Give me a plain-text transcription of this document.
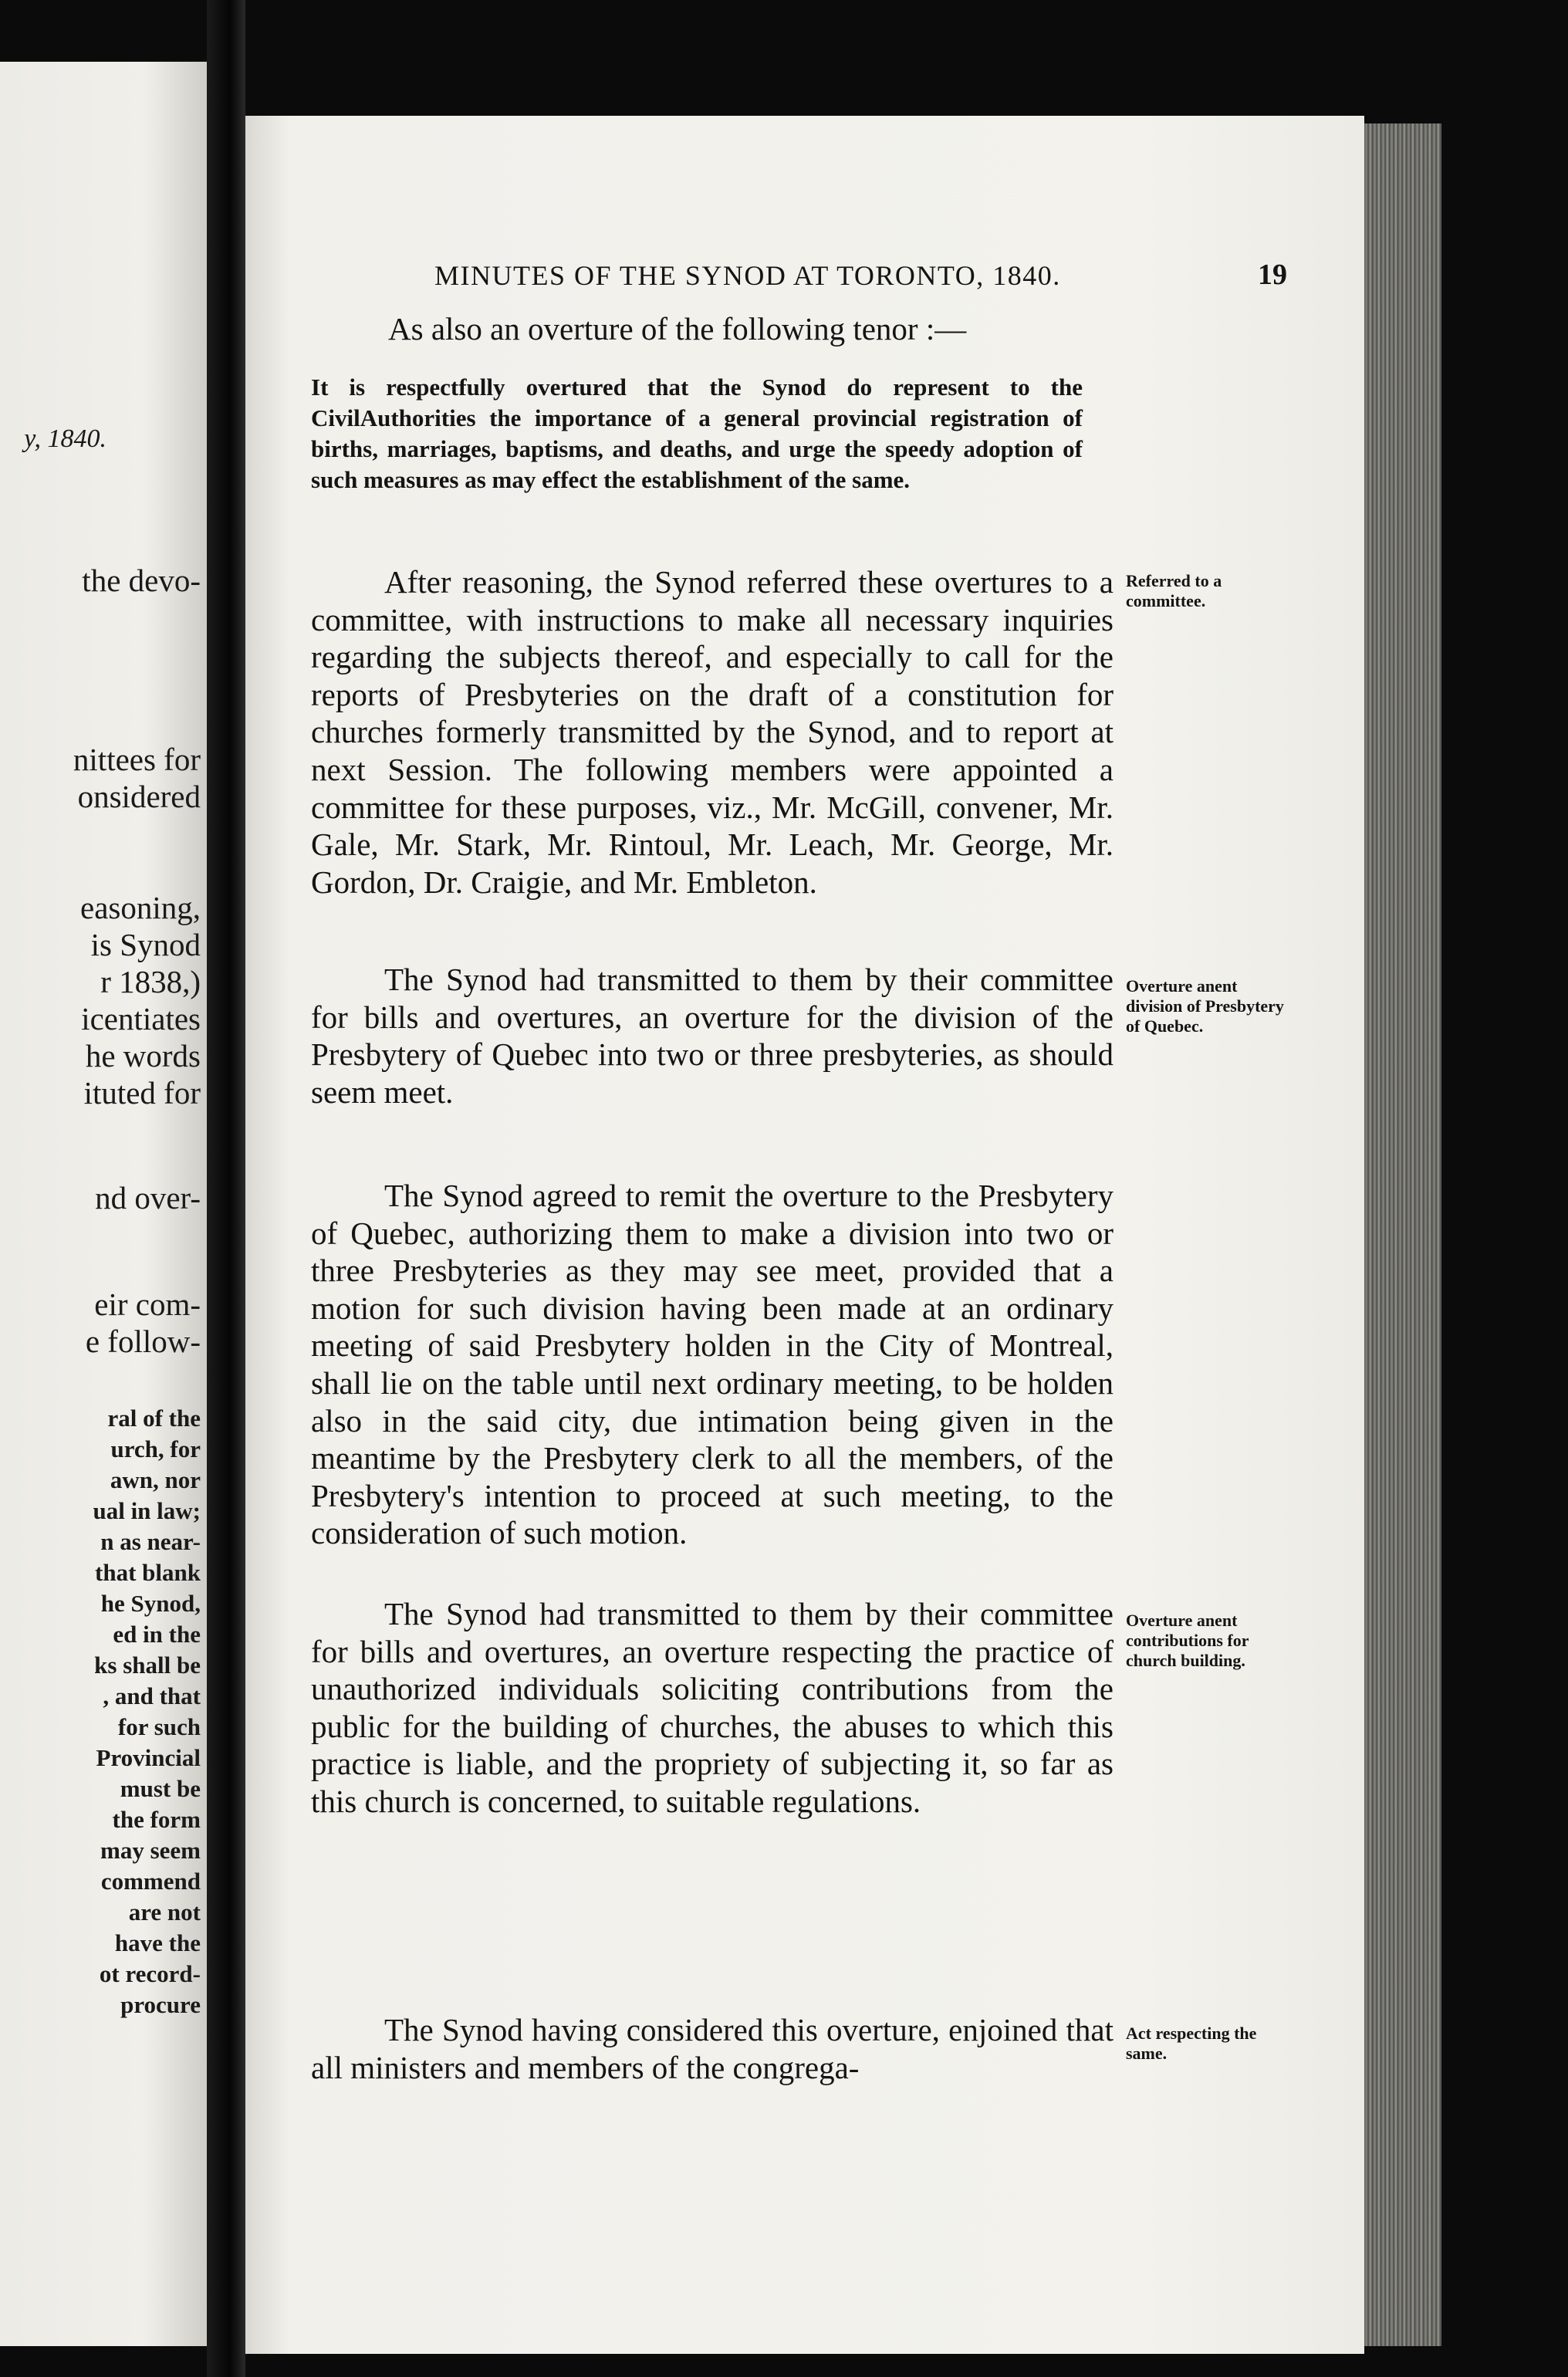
y, 1840.
the devo-
nittees for
onsidered
easoning,
is Synod
r 1838,)
icentiates
he words
ituted for
nd over-
eir com-
e follow-
ral of the
urch, for
awn, nor
ual in law;
n as near-
that blank
he Synod,
ed in the
ks shall be
, and that
for such
Provincial
must be
the form
may seem
commend
are not
have the
ot record-
procure
MINUTES OF THE SYNOD AT TORONTO, 1840.	19
As also an overture of the following tenor :—
It is respectfully overtured that the Synod do represent to the CivilAuthorities the importance of a general provincial registration of births, marriages, baptisms, and deaths, and urge the speedy adoption of such measures as may effect the establishment of the same.
After reasoning, the Synod referred these overtures to a committee, with instructions to make all necessary inquiries regarding the subjects thereof, and especially to call for the reports of Presbyteries on the draft of a constitution for churches formerly transmitted by the Synod, and to report at next Session. The following members were appointed a committee for these purposes, viz., Mr. McGill, convener, Mr. Gale, Mr. Stark, Mr. Rintoul, Mr. Leach, Mr. George, Mr. Gordon, Dr. Craigie, and Mr. Embleton.
Referred to a committee.
The Synod had transmitted to them by their committee for bills and overtures, an overture for the division of the Presbytery of Quebec into two or three presbyteries, as should seem meet.
Overture anent division of Presbytery of Quebec.
The Synod agreed to remit the overture to the Presbytery of Quebec, authorizing them to make a division into two or three Presbyteries as they may see meet, provided that a motion for such division having been made at an ordinary meeting of said Presbytery holden in the City of Montreal, shall lie on the table until next ordinary meeting, to be holden also in the said city, due intimation being given in the meantime by the Presbytery clerk to all the members, of the Presbytery's intention to proceed at such meeting, to the consideration of such motion.
The Synod had transmitted to them by their committee for bills and overtures, an overture respecting the practice of unauthorized individuals soliciting contributions from the public for the building of churches, the abuses to which this practice is liable, and the propriety of subjecting it, so far as this church is concerned, to suitable regulations.
Overture anent contributions for church building.
The Synod having considered this overture, enjoined that all ministers and members of the congrega-
Act respecting the same.
